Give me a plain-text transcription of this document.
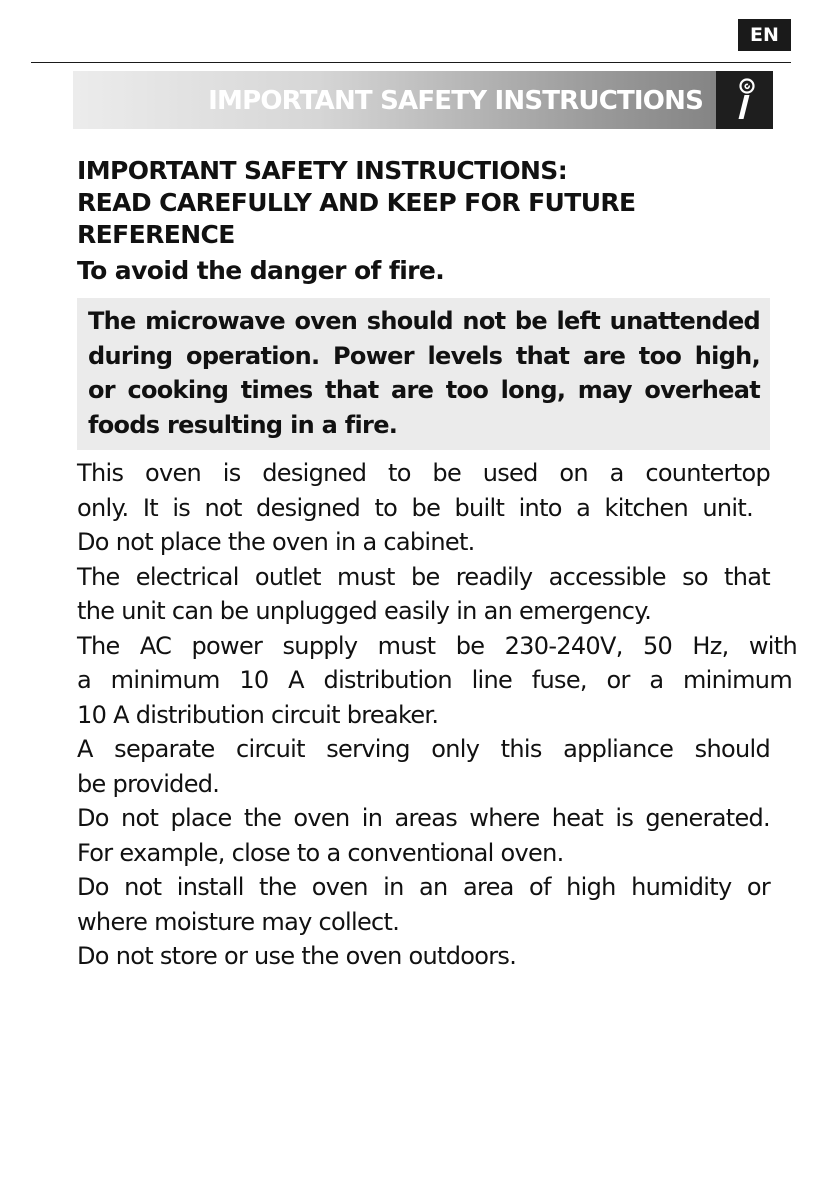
EN
IMPORTANT SAFETY INSTRUCTIONS
IMPORTANT SAFETY INSTRUCTIONS:
READ CAREFULLY AND KEEP FOR FUTURE
REFERENCE
To avoid the danger of fire.

The microwave oven should not be left unattended
during operation. Power levels that are too high,
or cooking times that are too long, may overheat
foods resulting in a fire.

This oven is designed to be used on a countertop

only. It is not designed to be built into a kitchen unit.

Do not place the oven in a cabinet.

The electrical outlet must be readily accessible so that

the unit can be unplugged easily in an emergency.

The AC power supply must be 230-240V, 50 Hz, with

a minimum 10 A distribution line fuse, or a minimum

10 A distribution circuit breaker.

A separate circuit serving only this appliance should

be provided.

Do not place the oven in areas where heat is generated.

For example, close to a conventional oven.

Do not install the oven in an area of high humidity or

where moisture may collect.

Do not store or use the oven outdoors.
